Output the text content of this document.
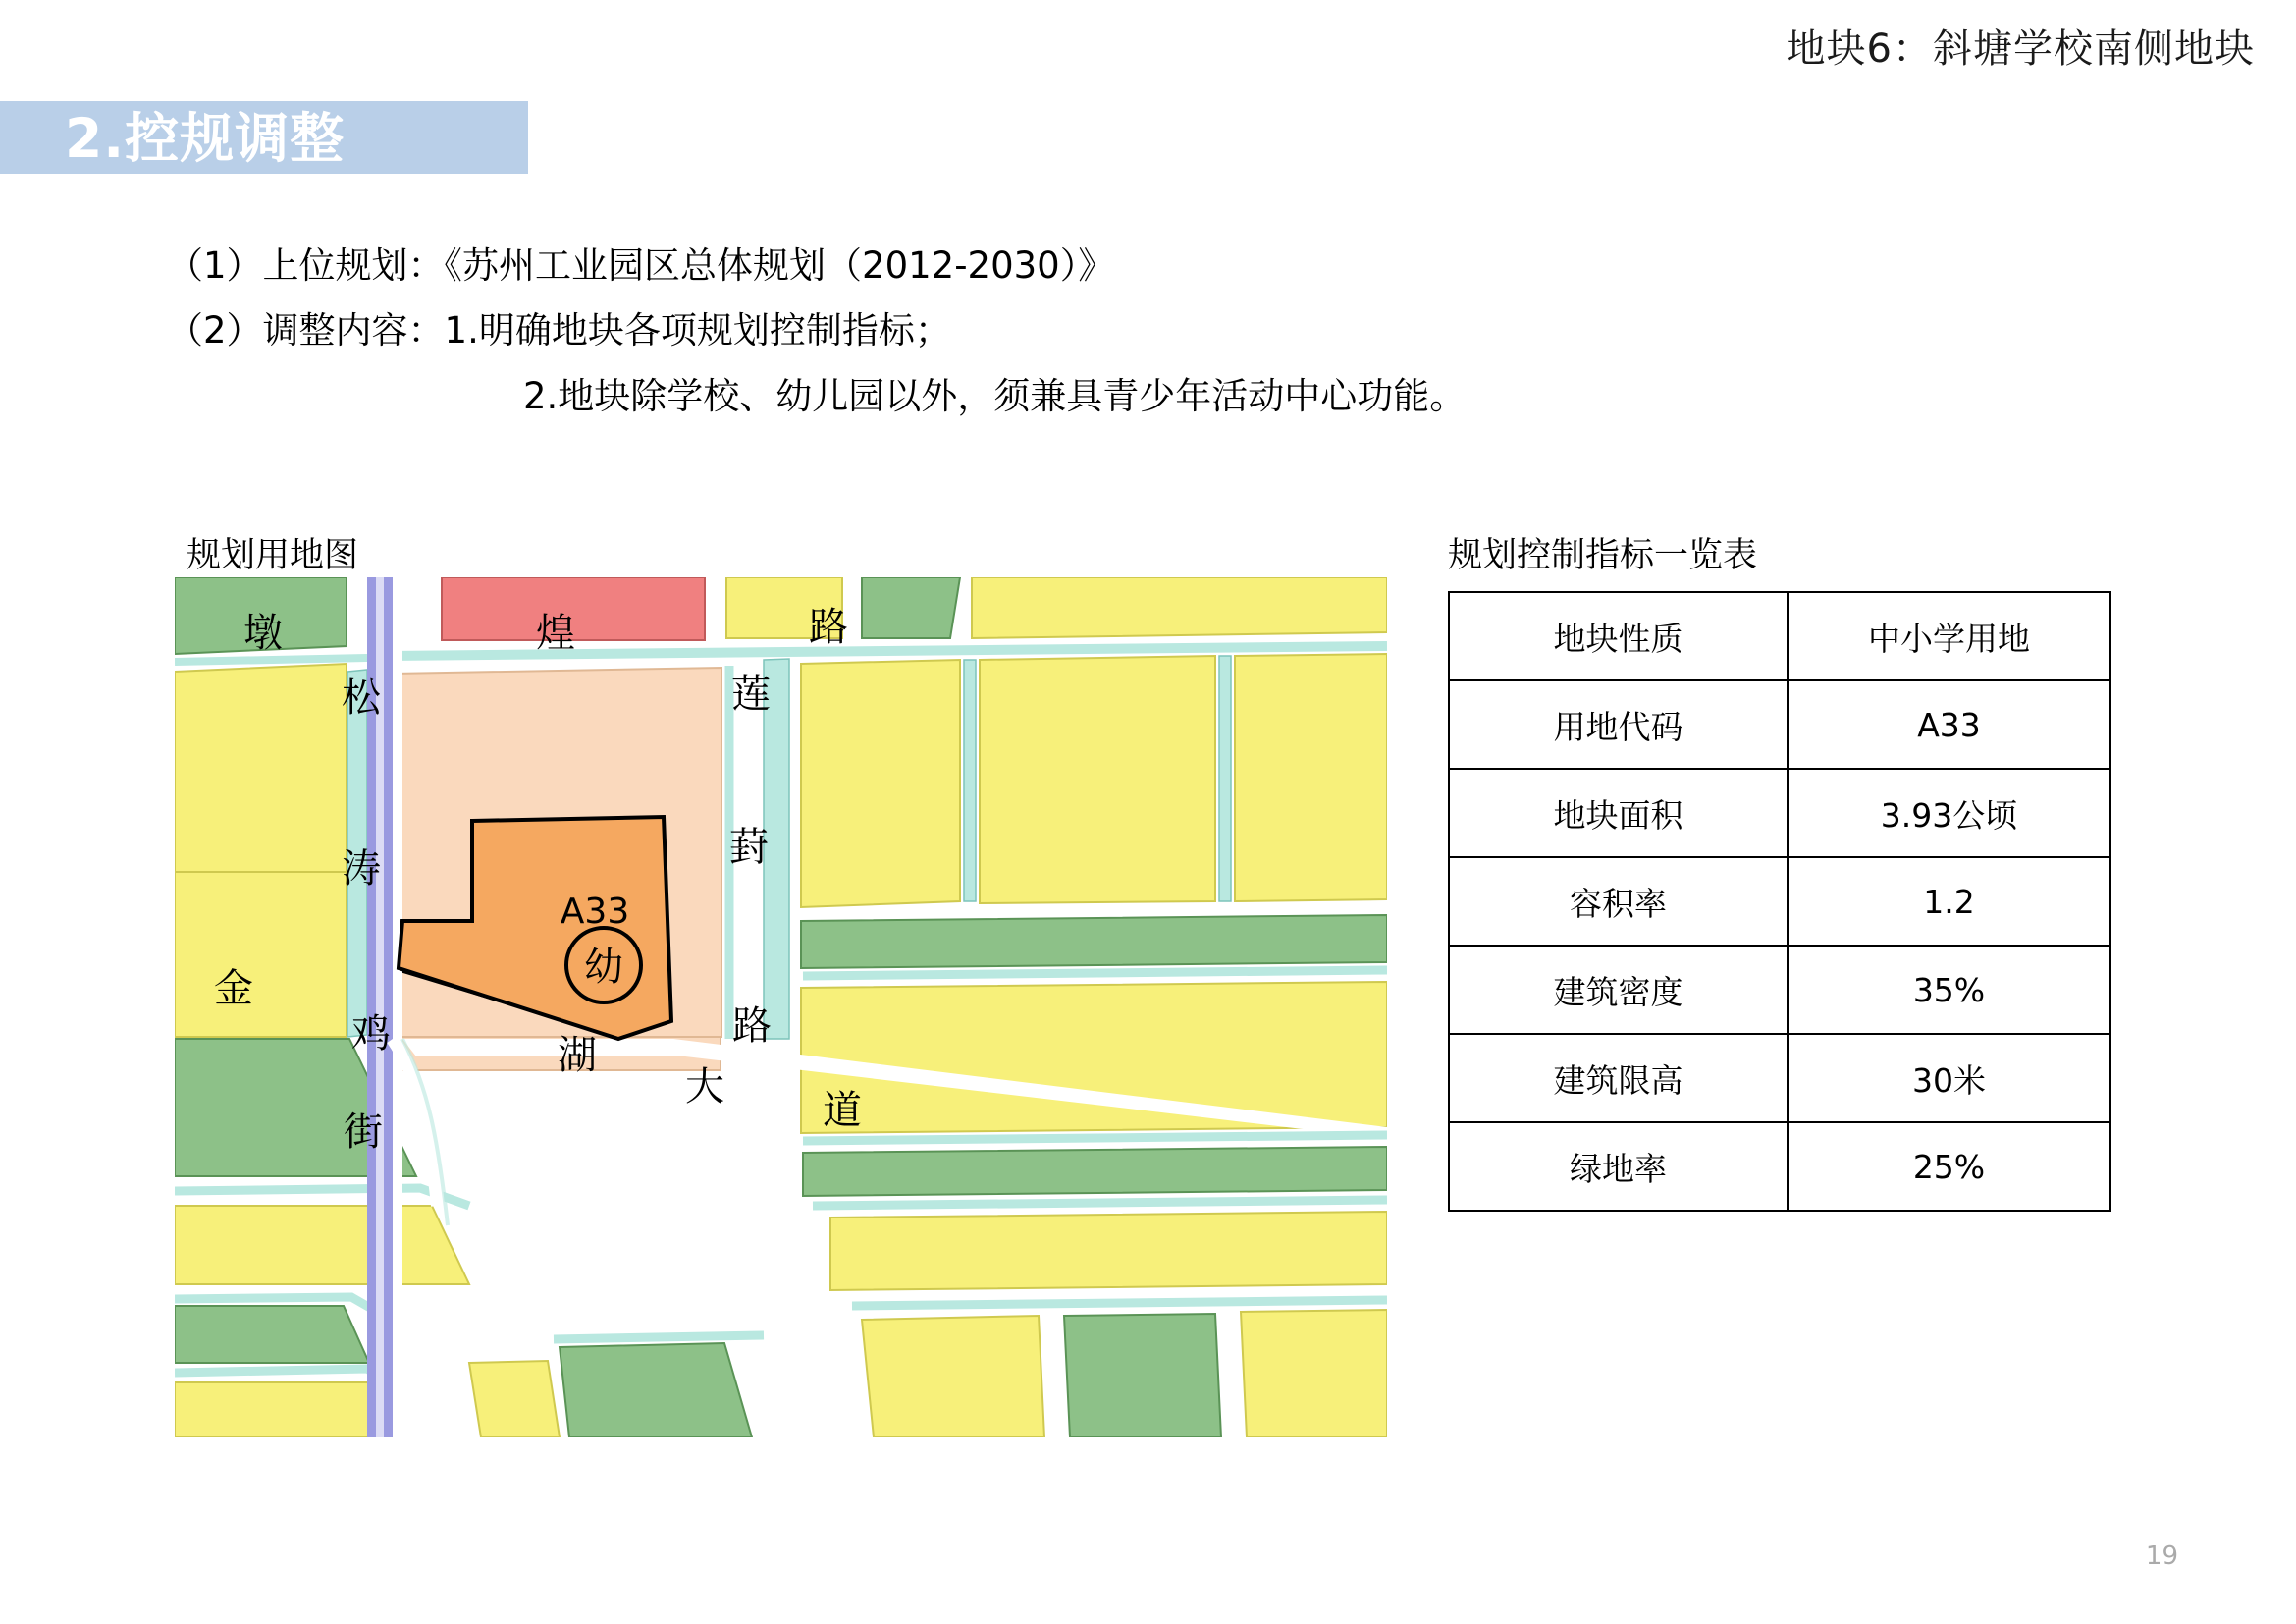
地块6：斜塘学校南侧地块
2.控规调整
（1）上位规划：《苏州工业园区总体规划（2012-2030）》
（2）调整内容：1.明确地块各项规划控制指标；
2.地块除学校、幼儿园以外，须兼具青少年活动中心功能。
规划用地图
墩	煌	路
松	莲
涛	葑
金
鸡	湖
路
大
街	道
A33
幼
规划控制指标一览表
地块性质	中小学用地
用地代码	A33
地块面积	3.93公顷
容积率	1.2
建筑密度	35%
建筑限高	30米
绿地率	25%
19
